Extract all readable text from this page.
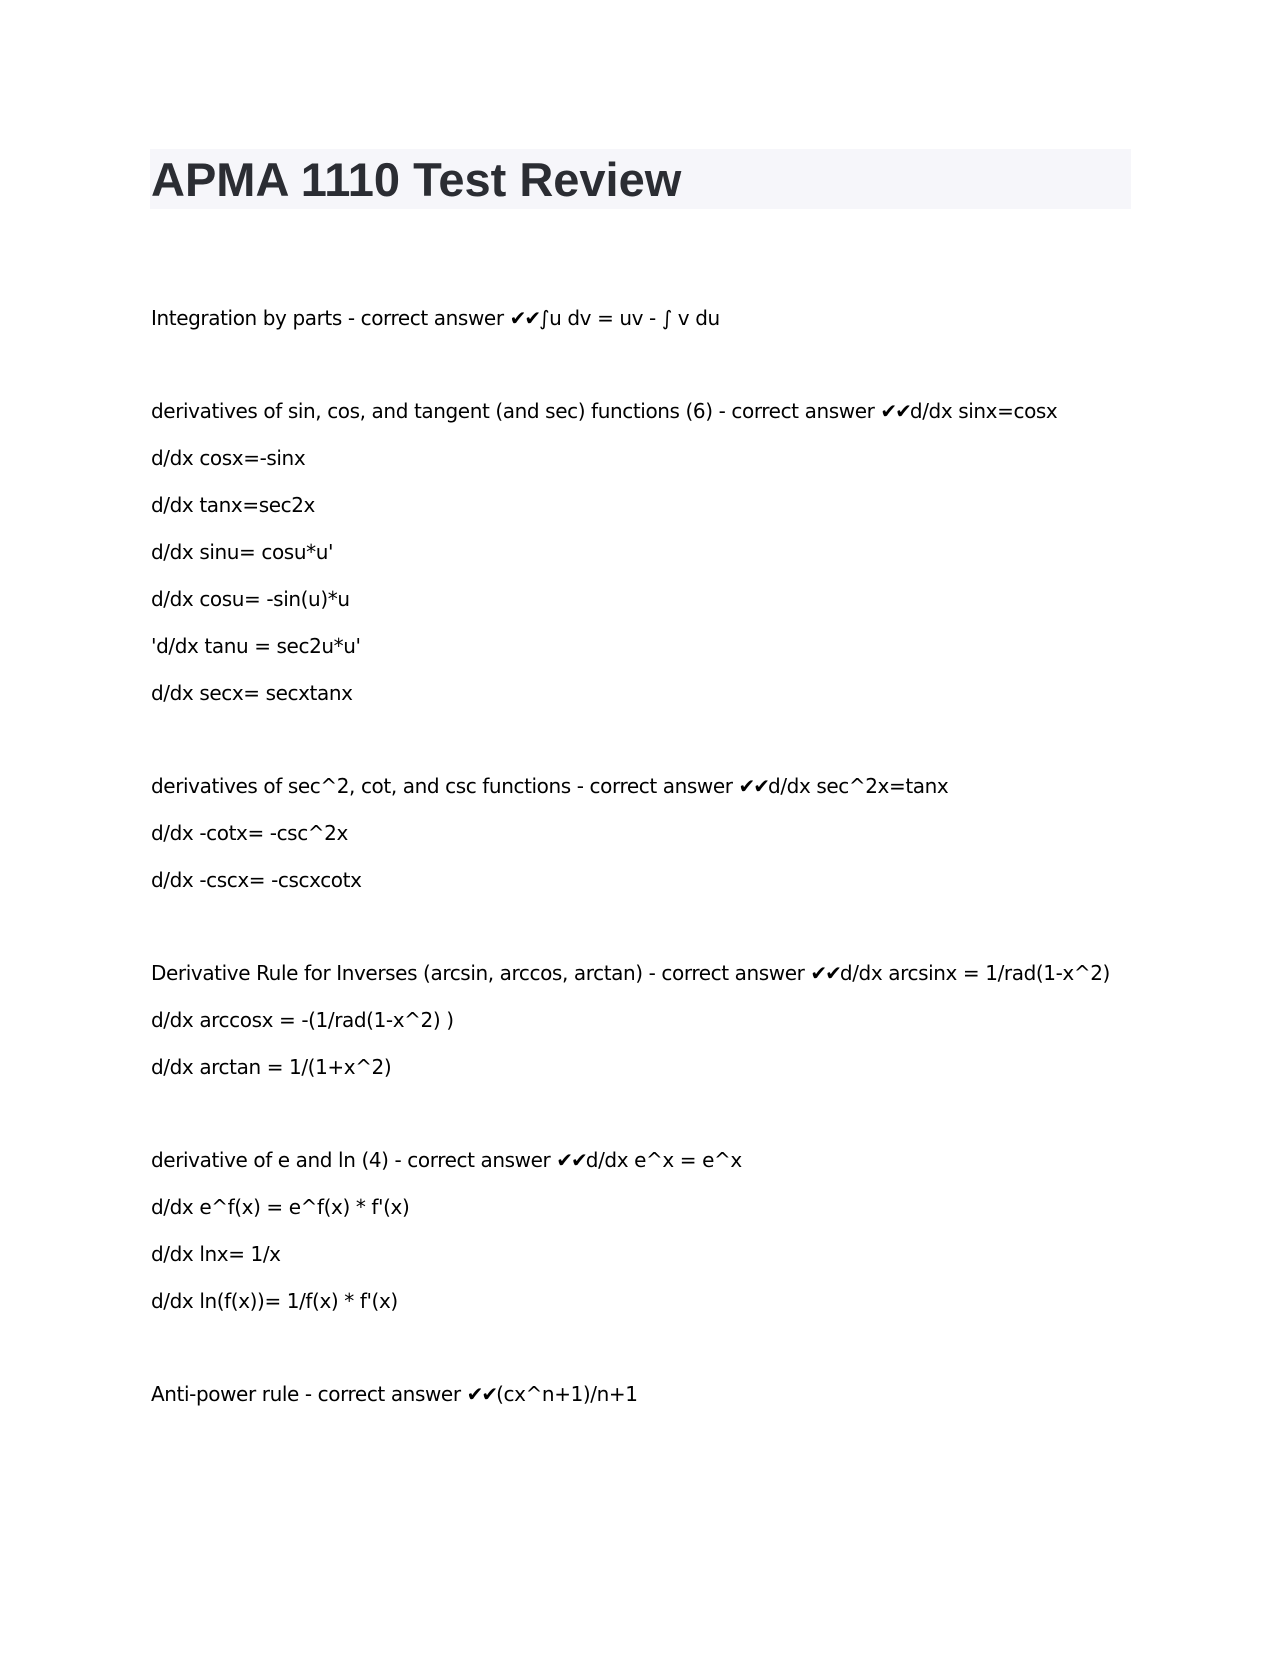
APMA 1110 Test Review

Integration by parts - correct answer ✔✔∫u dv = uv - ∫ v du

derivatives of sin, cos, and tangent (and sec) functions (6) - correct answer ✔✔d/dx sinx=cosx

d/dx cosx=-sinx

d/dx tanx=sec2x

d/dx sinu= cosu*u'

d/dx cosu= -sin(u)*u

'd/dx tanu = sec2u*u'

d/dx secx= secxtanx

derivatives of sec^2, cot, and csc functions - correct answer ✔✔d/dx sec^2x=tanx

d/dx -cotx= -csc^2x

d/dx -cscx= -cscxcotx

Derivative Rule for Inverses (arcsin, arccos, arctan) - correct answer ✔✔d/dx arcsinx = 1/rad(1-x^2)

d/dx arccosx = -(1/rad(1-x^2) )

d/dx arctan = 1/(1+x^2)

derivative of e and ln (4) - correct answer ✔✔d/dx e^x = e^x

d/dx e^f(x) = e^f(x) * f'(x)

d/dx lnx= 1/x

d/dx ln(f(x))= 1/f(x) * f'(x)

Anti-power rule - correct answer ✔✔(cx^n+1)/n+1
